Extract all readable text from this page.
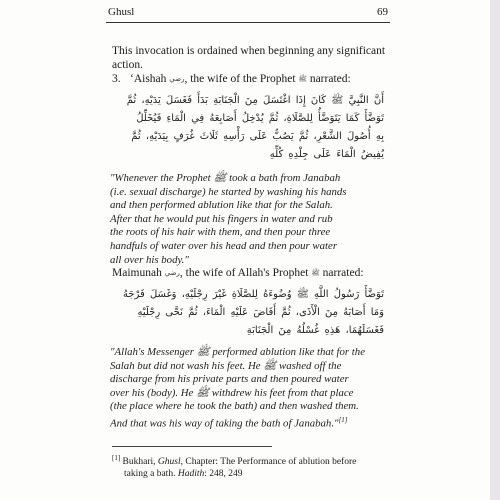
Ghusl	69
This invocation is ordained when beginning any significant action.
3. ‘Aishah رضي, the wife of the Prophet ﷺ narrated:
أَنَّ النَّبِيَّ ﷺ كَانَ إِذَا اغْتَسَلَ مِنَ الْجَنَابَةِ بَدَأَ فَغَسَلَ يَدَيْهِ، ثُمَّ
تَوَضَّأَ كَمَا يَتَوَضَّأُ لِلصَّلَاةِ، ثُمَّ يُدْخِلُ أَصَابِعَهُ فِي الْمَاءِ فَيُخَلِّلُ
بِهِ أُصُولَ الشَّعْرِ، ثُمَّ يَصُبُّ عَلَى رَأْسِهِ ثَلَاثَ غُرَفٍ بِيَدَيْهِ، ثُمَّ
يُفِيضُ الْمَاءَ عَلَى جِلْدِهِ كُلِّهِ
"Whenever the Prophet ﷺ took a bath from Janabah
(i.e. sexual discharge) he started by washing his hands
and then performed ablution like that for the Salah.
After that he would put his fingers in water and rub
the roots of his hair with them, and then pour three
handfuls of water over his head and then pour water
all over his body."
Maimunah رضي, the wife of Allah's Prophet ﷺ narrated:
تَوَضَّأَ رَسُولُ اللَّهِ ﷺ وُضُوءَهُ لِلصَّلَاةِ غَيْرَ رِجْلَيْهِ، وَغَسَلَ فَرْجَهُ
وَمَا أَصَابَهُ مِنَ الْأَذَى، ثُمَّ أَفَاضَ عَلَيْهِ الْمَاءَ، ثُمَّ نَحَّى رِجْلَيْهِ
فَغَسَلَهُمَا، هَذِهِ غُسْلُهُ مِنَ الْجَنَابَةِ
"Allah's Messenger ﷺ performed ablution like that for the
Salah but did not wash his feet. He ﷺ washed off the
discharge from his private parts and then poured water
over his (body). He ﷺ withdrew his feet from that place
(the place where he took the bath) and then washed them.
And that was his way of taking the bath of Janabah."[1]
[1] Bukhari, Ghusl, Chapter: The Performance of ablution before
taking a bath. Hadith: 248, 249
